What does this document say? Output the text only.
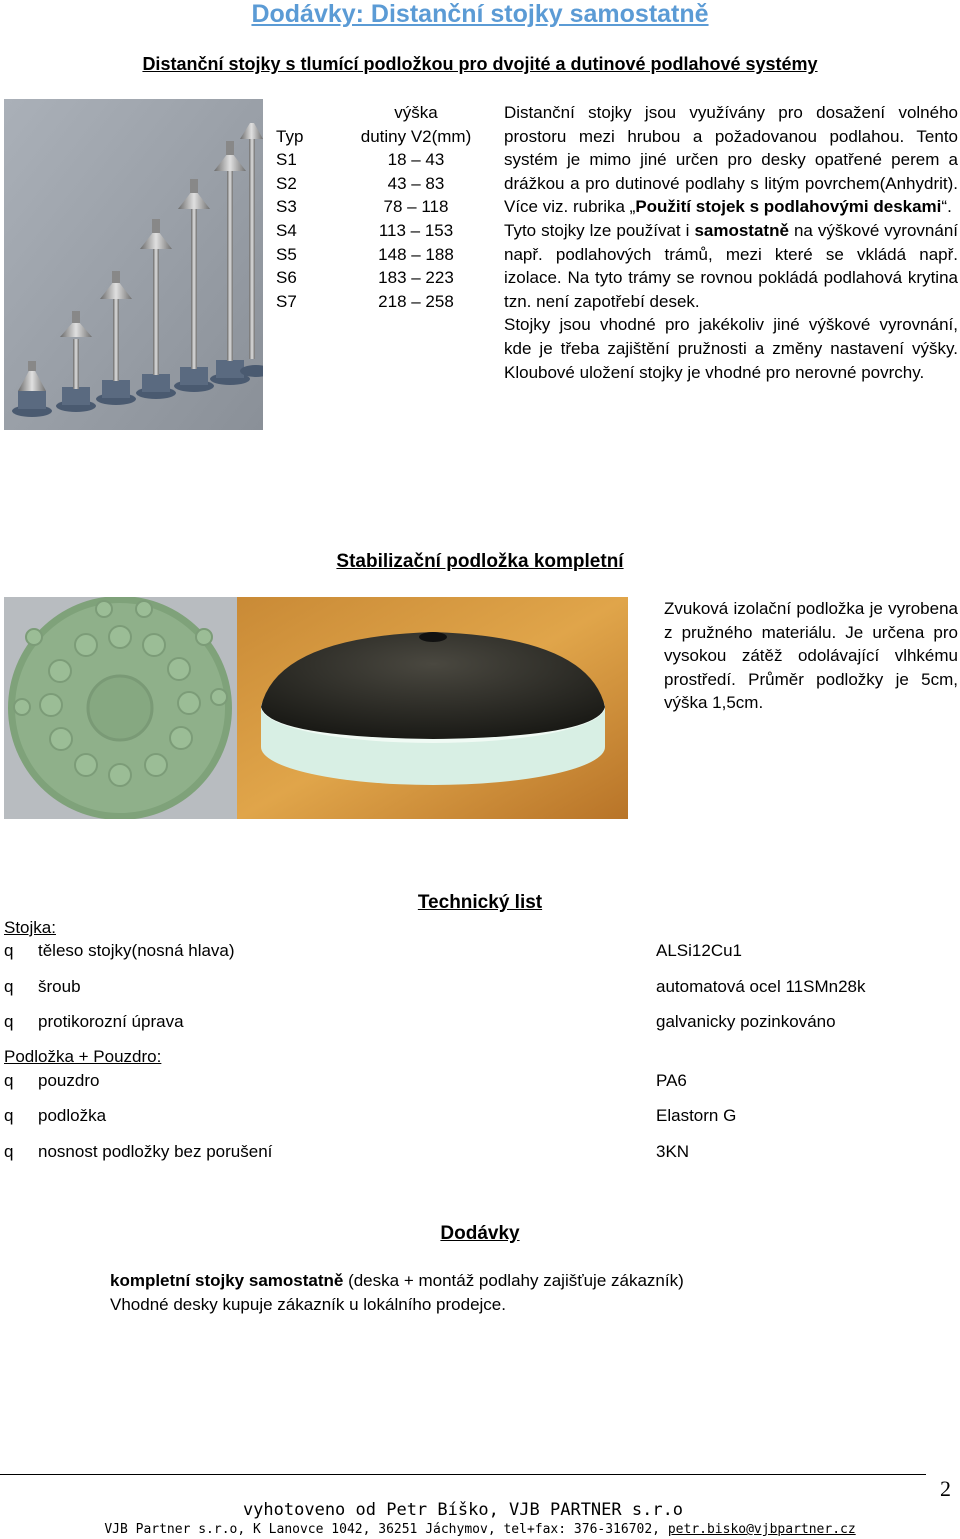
Dodávky: Distanční stojky samostatně
Distanční stojky s tlumící podložkou pro dvojité a dutinové podlahové systémy
výška
Typ	dutiny V2(mm)
S1	18 – 43
S2	43 – 83
S3	78 – 118
S4	113 – 153
S5	148 – 188
S6	183 – 223
S7	218 – 258
Distanční stojky jsou využívány pro dosažení volného prostoru mezi hrubou a požadovanou podlahou. Tento systém je mimo jiné určen pro desky opatřené perem a drážkou a pro dutinové podlahy s litým povrchem(Anhydrit). Více viz. rubrika „Použití stojek s podlahovými deskami“.
Tyto stojky lze používat i samostatně na výškové vyrovnání např. podlahových trámů, mezi které se vkládá např. izolace. Na tyto trámy se rovnou pokládá podlahová krytina tzn. není zapotřebí desek.
Stojky jsou vhodné pro jakékoliv jiné výškové vyrovnání, kde je třeba zajištění pružnosti a změny nastavení výšky. Kloubové uložení stojky je vhodné pro nerovné povrchy.
Stabilizační podložka kompletní
Zvuková izolační podložka je vyrobena z pružného materiálu. Je určena pro vysokou zátěž odolávající vlhkému prostředí. Průměr podložky je 5cm, výška 1,5cm.
Technický list
Stojka:
q těleso stojky(nosná hlava)	ALSi12Cu1
q šroub	automatová ocel 11SMn28k
q protikorozní úprava	galvanicky pozinkováno
Podložka + Pouzdro:
q pouzdro	PA6
q podložka	Elastorn G
q nosnost podložky bez porušení	3KN
Dodávky
kompletní stojky samostatně (deska + montáž podlahy zajišťuje zákazník)
Vhodné desky kupuje zákazník u lokálního prodejce.
2
vyhotoveno od Petr Bíško, VJB PARTNER s.r.o
VJB Partner s.r.o, K Lanovce 1042, 36251 Jáchymov, tel+fax: 376-316702, petr.bisko@vjbpartner.cz
